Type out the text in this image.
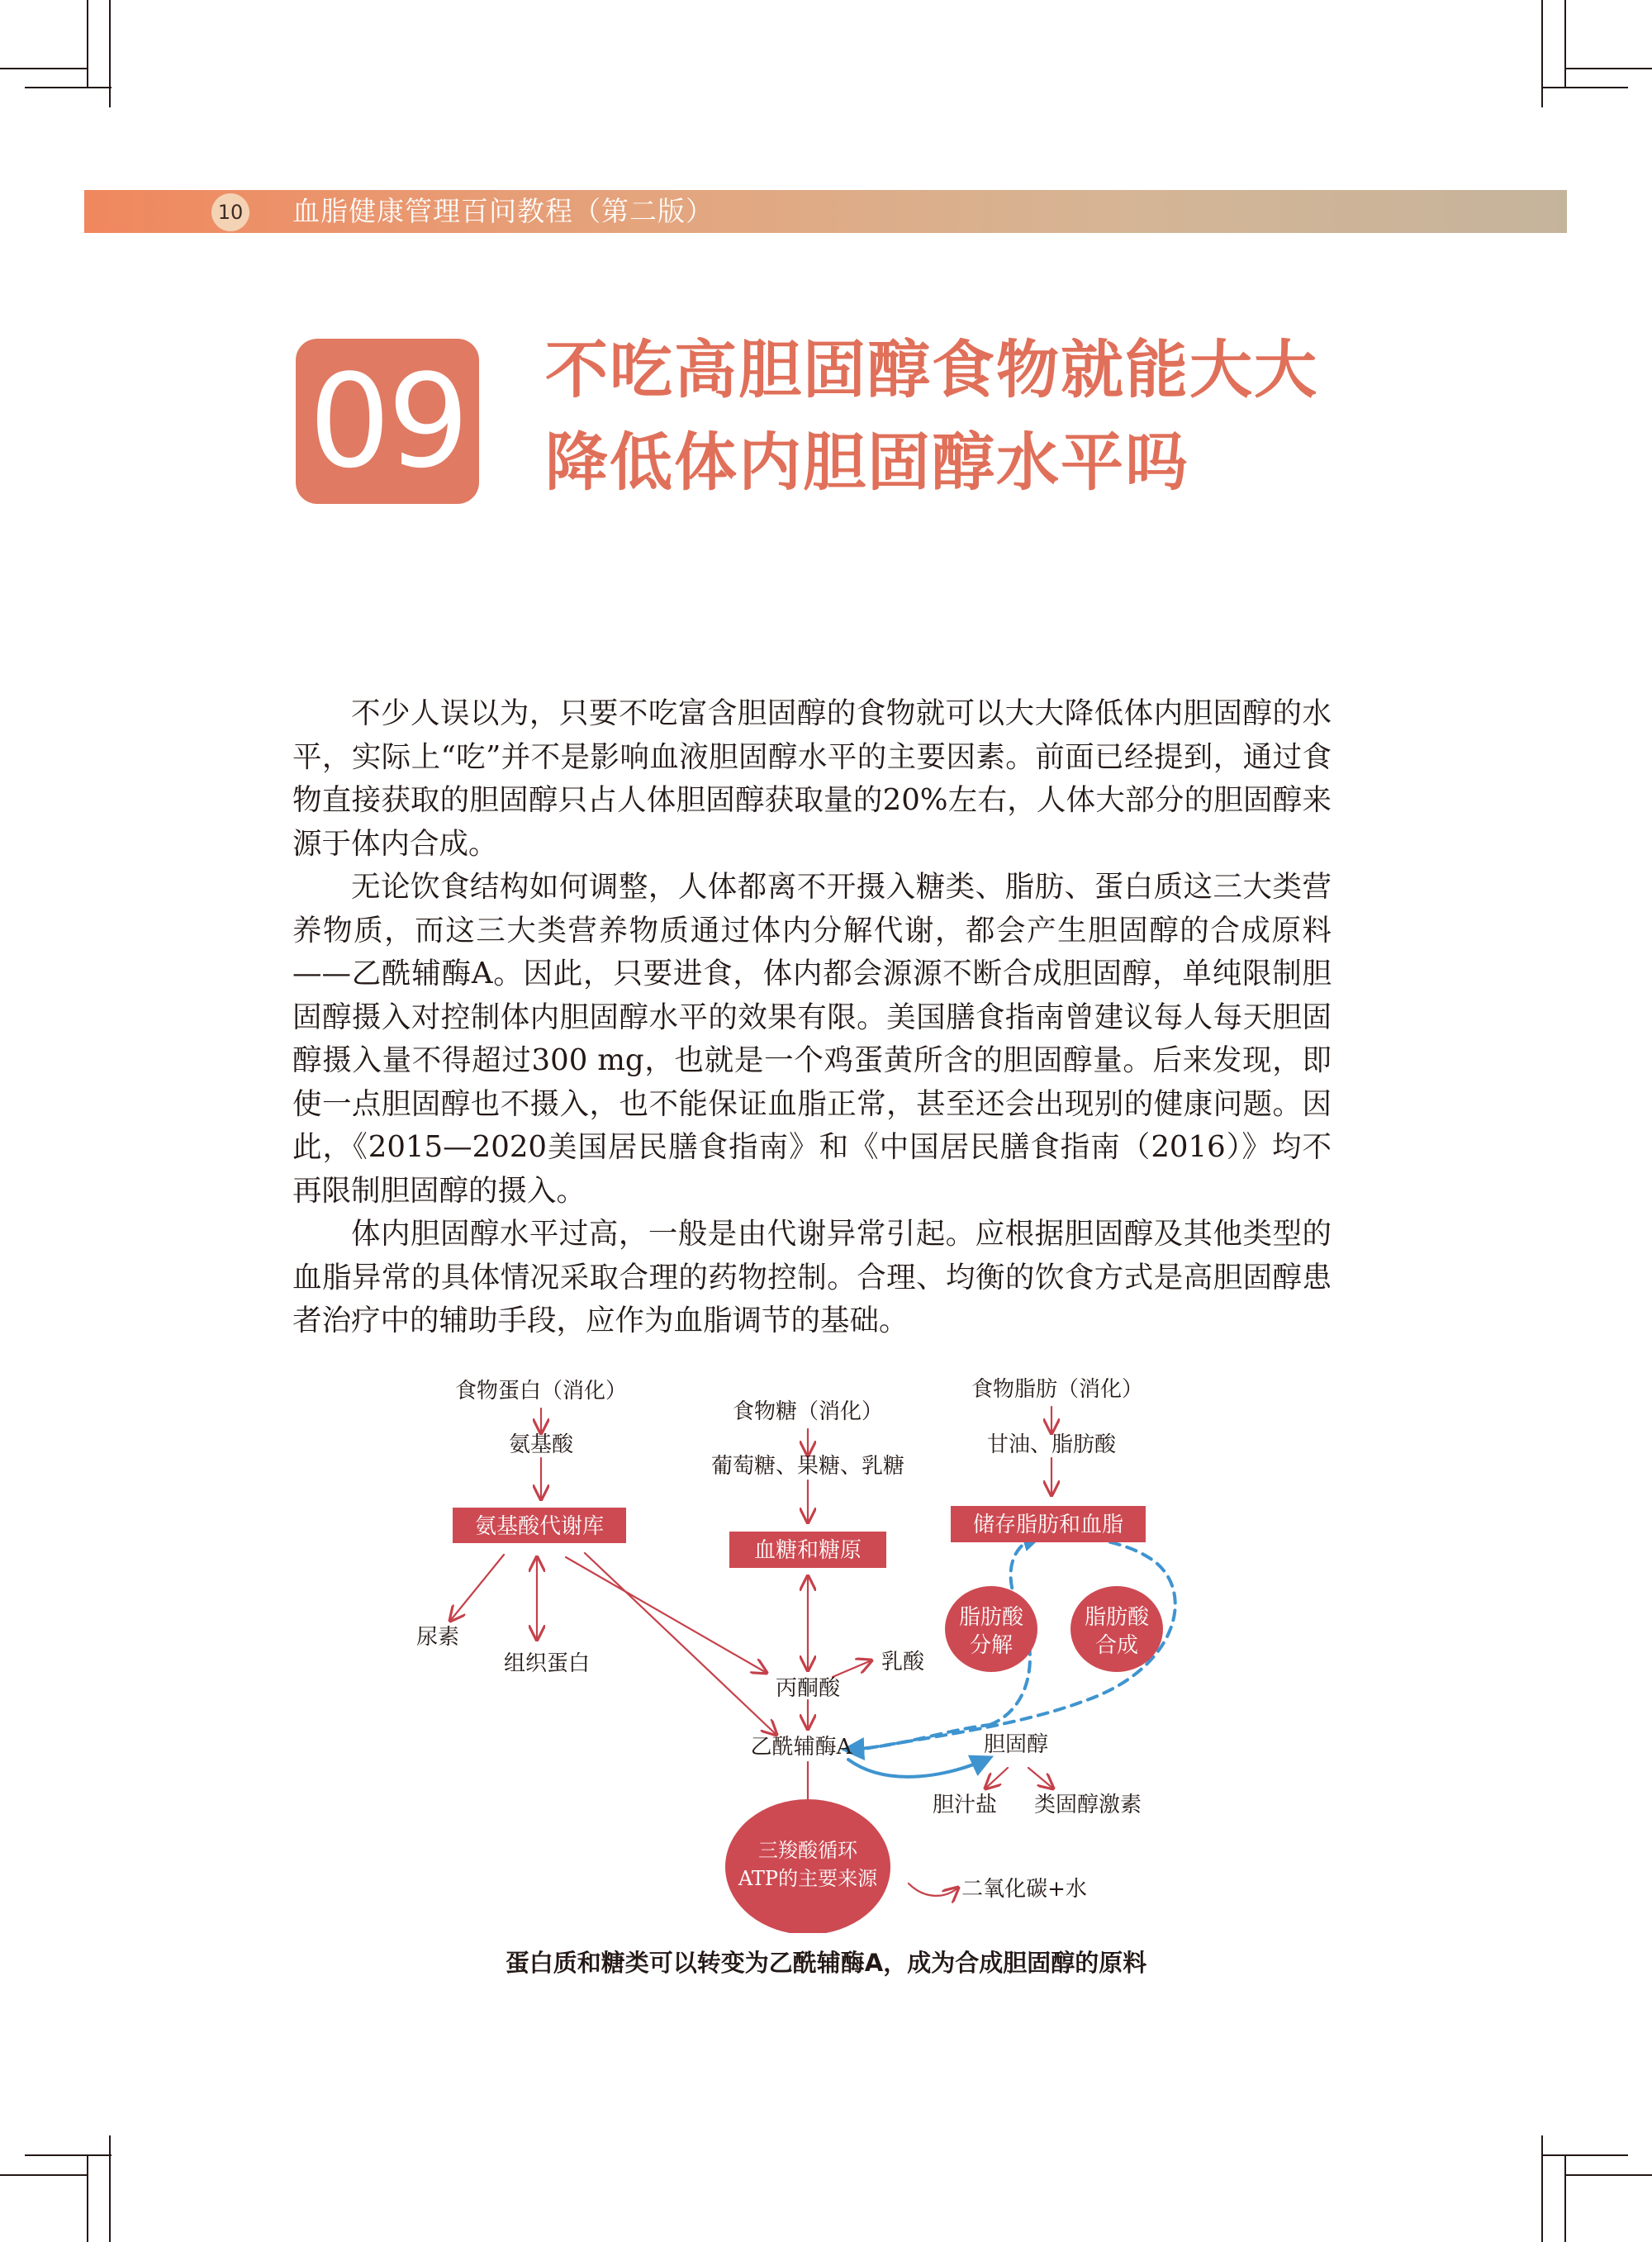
10 血脂健康管理百问教程（第二版）
09 不吃高胆固醇食物就能大大
降低体内胆固醇水平吗

不少人误以为，只要不吃富含胆固醇的食物就可以大大降低体内胆固醇的水平，实际上“吃”并不是影响血液胆固醇水平的主要因素。前面已经提到，通过食物直接获取的胆固醇只占人体胆固醇获取量的20%左右，人体大部分的胆固醇来源于体内合成。

无论饮食结构如何调整，人体都离不开摄入糖类、脂肪、蛋白质这三大类营养物质，而这三大类营养物质通过体内分解代谢，都会产生胆固醇的合成原料——乙酰辅酶A。因此，只要进食，体内都会源源不断合成胆固醇，单纯限制胆固醇摄入对控制体内胆固醇水平的效果有限。美国膳食指南曾建议每人每天胆固醇摄入量不得超过300 mg，也就是一个鸡蛋黄所含的胆固醇量。后来发现，即使一点胆固醇也不摄入，也不能保证血脂正常，甚至还会出现别的健康问题。因此，《2015—2020美国居民膳食指南》和《中国居民膳食指南（2016）》均不再限制胆固醇的摄入。

体内胆固醇水平过高，一般是由代谢异常引起。应根据胆固醇及其他类型的血脂异常的具体情况采取合理的药物控制。合理、均衡的饮食方式是高胆固醇患者治疗中的辅助手段，应作为血脂调节的基础。

食物蛋白（消化）
氨基酸
尿素
组织蛋白
食物糖（消化）
葡萄糖、果糖、乳糖
食物脂肪（消化）
甘油、脂肪酸
丙酮酸
乳酸
乙酰辅酶A	胆固醇
胆汁盐 类固醇激素
二氧化碳+水
氨基酸代谢库
血糖和糖原
储存脂肪和血脂
脂肪酸
分解
脂肪酸
合成
三羧酸循环
ATP的主要来源
蛋白质和糖类可以转变为乙酰辅酶A，成为合成胆固醇的原料
